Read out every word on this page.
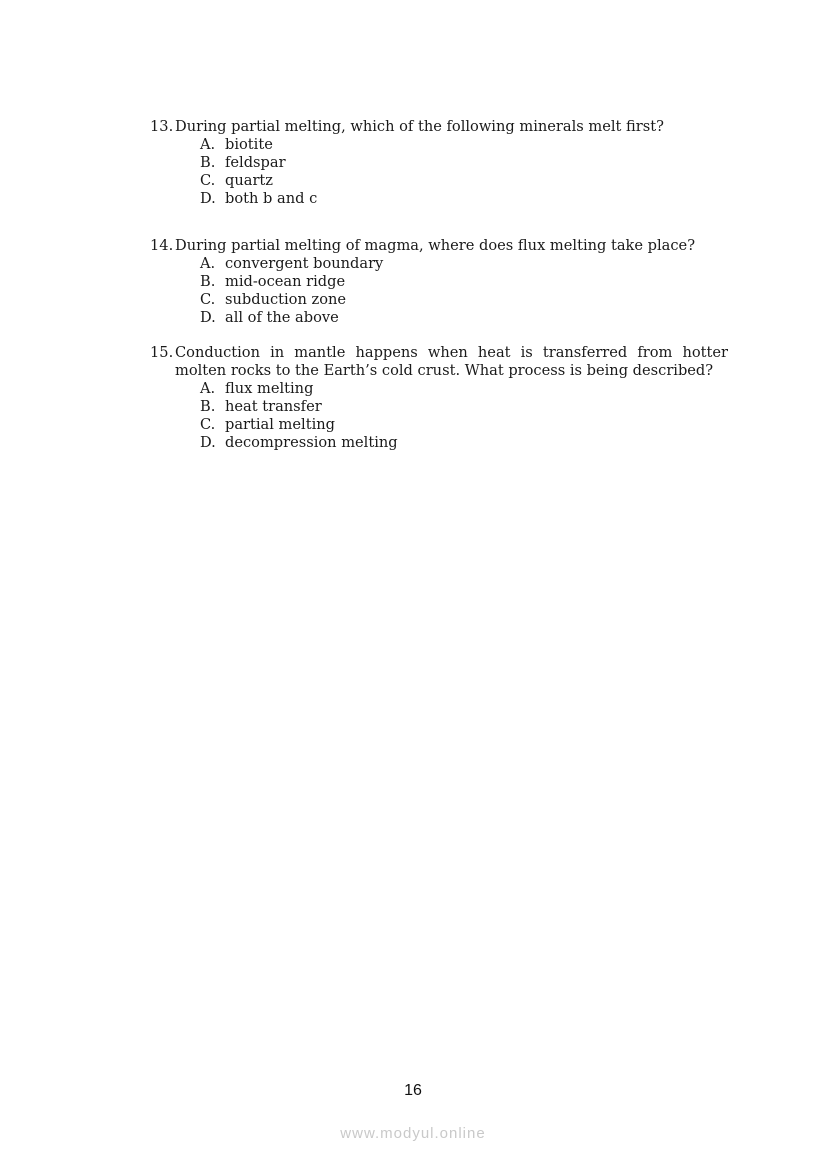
13. During partial melting, which of the following minerals melt first?
A. biotite
B. feldspar
C. quartz
D. both b and c
14. During partial melting of magma, where does flux melting take place?
A. convergent boundary
B. mid-ocean ridge
C. subduction zone
D. all of the above
15. Conduction in mantle happens when heat is transferred from hotter molten rocks to the Earth’s cold crust. What process is being described?
A. flux melting
B. heat transfer
C. partial melting
D. decompression melting
16
www.modyul.online
